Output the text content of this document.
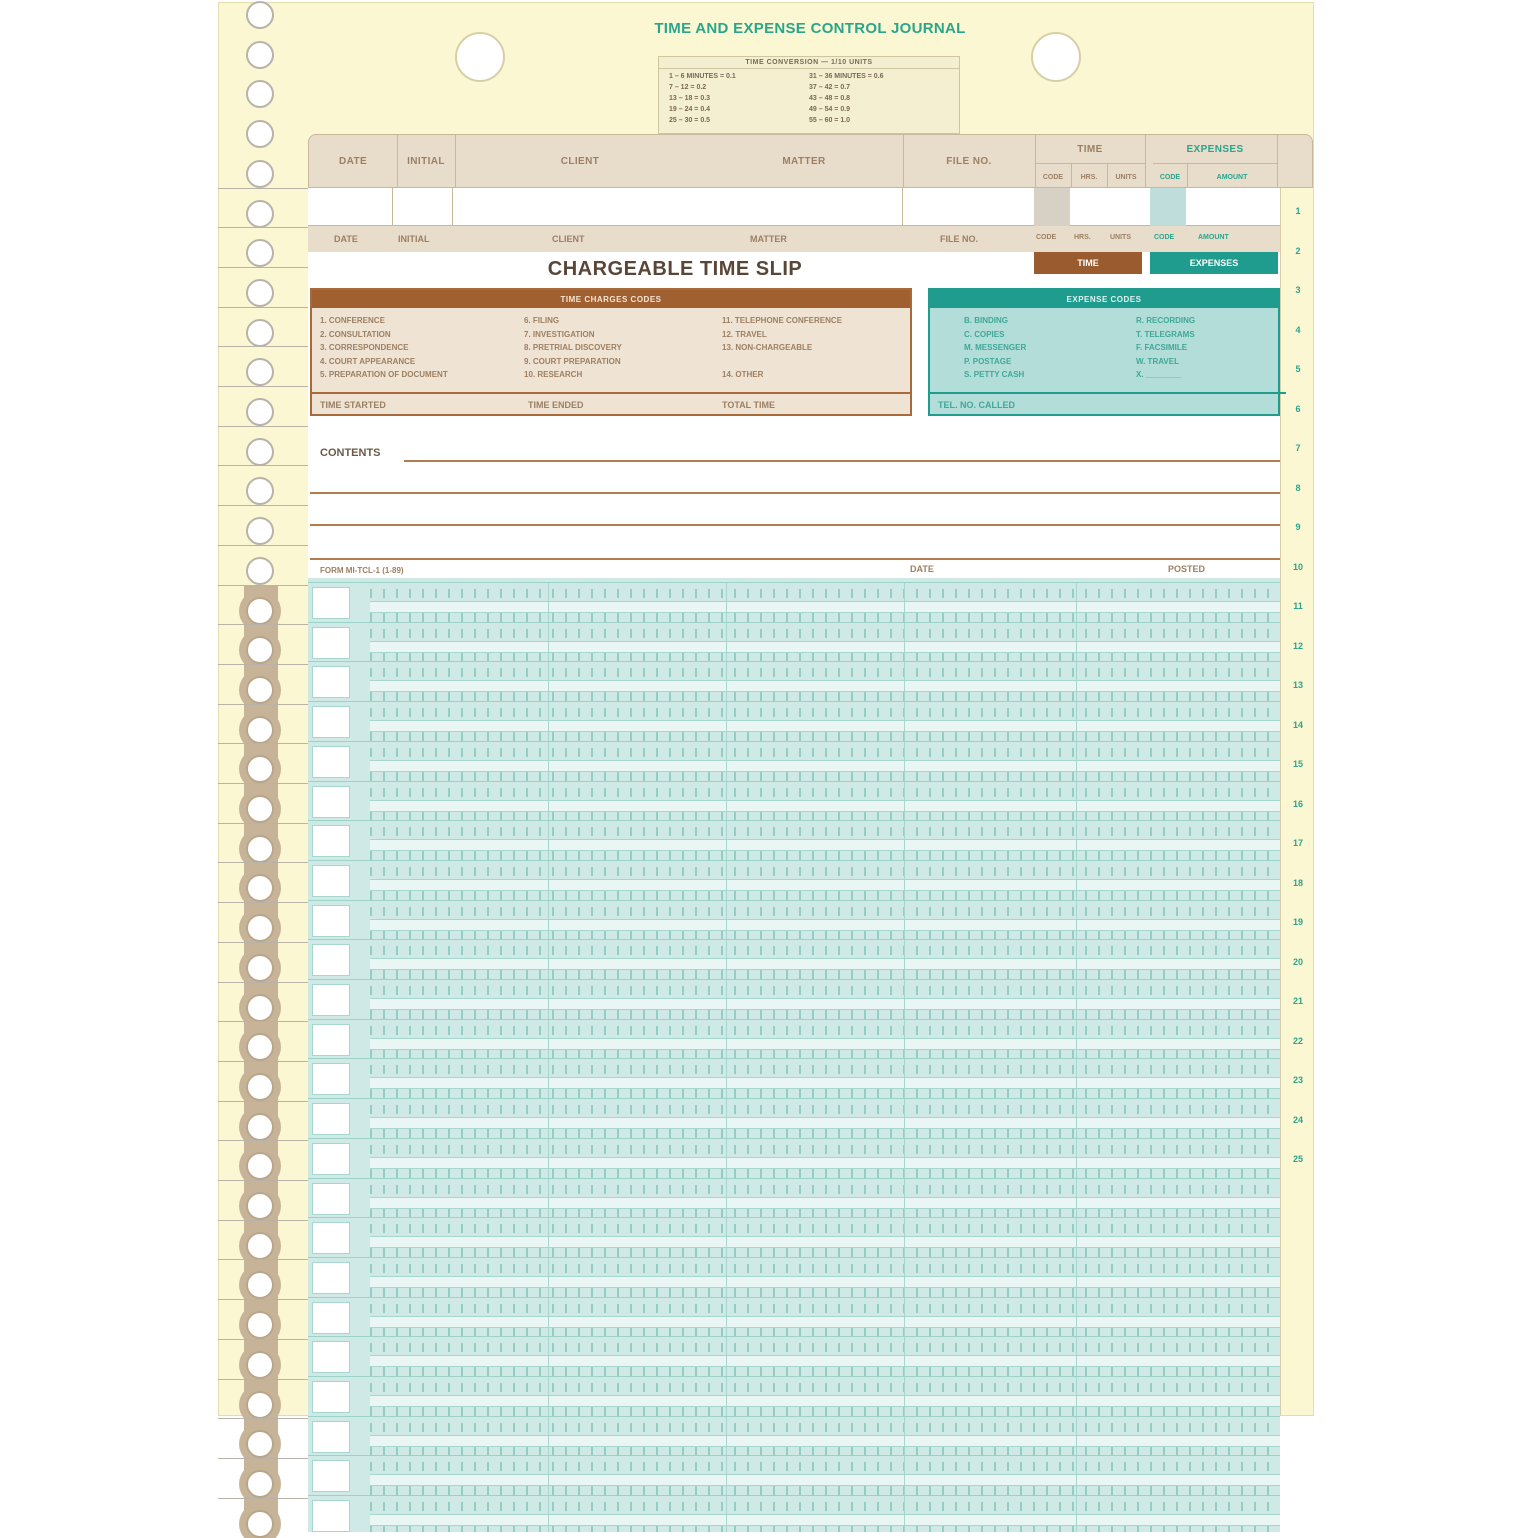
TIME AND EXPENSE CONTROL JOURNAL
TIME CONVERSION — 1/10 UNITS
1 – 6 MINUTES = 0.1	31 – 36 MINUTES = 0.6
7 – 12 = 0.2	37 – 42 = 0.7
13 – 18 = 0.3	43 – 48 = 0.8
19 – 24 = 0.4	49 – 54 = 0.9
25 – 30 = 0.5	55 – 60 = 1.0
DATE	INITIAL	CLIENT	MATTER	FILE NO.
TIME
CODE	HRS.	UNITS
EXPENSES
CODE	AMOUNT
1
2
3
4
5
6
7
8
9
10
11
12
13
14
15
16
17
18
19
20
21
22
23
24
25
DATE	INITIAL	CLIENT	MATTER	FILE NO.	CODE	HRS.	UNITS	CODE	AMOUNT
TIME	EXPENSES
CHARGEABLE TIME SLIP
TIME CHARGES CODES
1. CONFERENCE
2. CONSULTATION
3. CORRESPONDENCE
4. COURT APPEARANCE
5. PREPARATION OF DOCUMENT
6. FILING
7. INVESTIGATION
8. PRETRIAL DISCOVERY
9. COURT PREPARATION
10. RESEARCH
11. TELEPHONE CONFERENCE
12. TRAVEL
13. NON-CHARGEABLE
14. OTHER
TIME STARTED	TIME ENDED	TOTAL TIME
EXPENSE CODES
B. BINDING
C. COPIES
M. MESSENGER
P. POSTAGE
S. PETTY CASH
R. RECORDING
T. TELEGRAMS
F. FACSIMILE
W. TRAVEL
X. ________
TEL. NO. CALLED
CONTENTS
FORM MI-TCL-1 (1-89)	DATE	POSTED
